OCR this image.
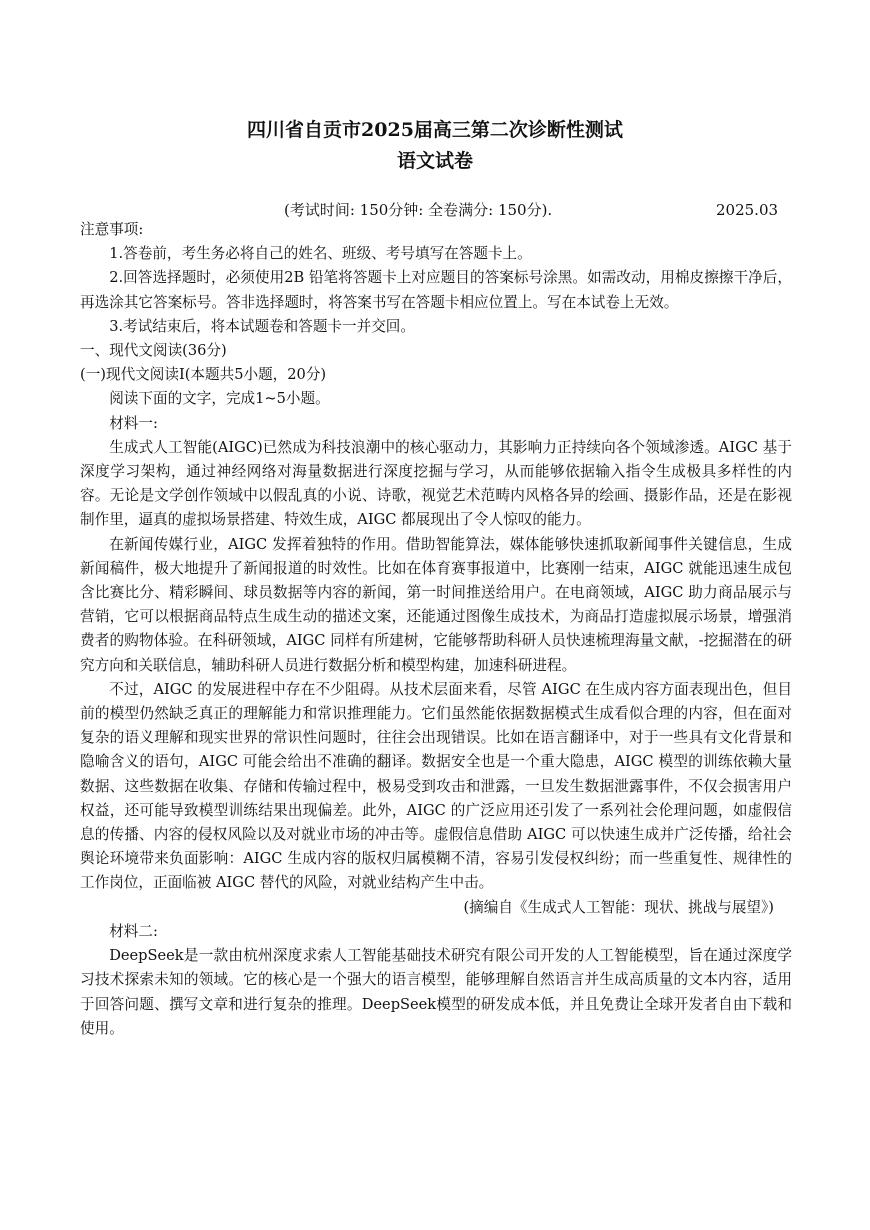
四川省自贡市2025届高三第二次诊断性测试
语文试卷
(考试时间: 150分钟: 全卷满分: 150分).	2025.03

注意事项:

1.答卷前，考生务必将自己的姓名、班级、考号填写在答题卡上。

2.回答选择题时，必须使用2B 铅笔将答题卡上对应题目的答案标号涂黑。如需改动，用棉皮擦擦干净后，再选涂其它答案标号。答非选择题时，将答案书写在答题卡相应位置上。写在本试卷上无效。

3.考试结束后，将本试题卷和答题卡一并交回。

一、现代文阅读(36分)

(一)现代文阅读Ⅰ(本题共5小题，20分)

阅读下面的文字，完成1~5小题。

材料一:

生成式人工智能(AIGC)已然成为科技浪潮中的核心驱动力，其影响力正持续向各个领域渗透。AIGC 基于深度学习架构，通过神经网络对海量数据进行深度挖掘与学习，从而能够依据输入指令生成极具多样性的内容。无论是文学创作领域中以假乱真的小说、诗歌，视觉艺术范畴内风格各异的绘画、摄影作品，还是在影视制作里，逼真的虚拟场景搭建、特效生成，AIGC 都展现出了令人惊叹的能力。

在新闻传媒行业，AIGC 发挥着独特的作用。借助智能算法，媒体能够快速抓取新闻事件关键信息，生成新闻稿件，极大地提升了新闻报道的时效性。比如在体育赛事报道中，比赛刚一结束，AIGC 就能迅速生成包含比赛比分、精彩瞬间、球员数据等内容的新闻，第一时间推送给用户。在电商领域，AIGC 助力商品展示与营销，它可以根据商品特点生成生动的描述文案，还能通过图像生成技术，为商品打造虚拟展示场景，增强消费者的购物体验。在科研领域，AIGC 同样有所建树，它能够帮助科研人员快速梳理海量文献，-挖掘潜在的研究方向和关联信息，辅助科研人员进行数据分析和模型构建，加速科研进程。

不过，AIGC 的发展进程中存在不少阻碍。从技术层面来看，尽管 AIGC 在生成内容方面表现出色，但目前的模型仍然缺乏真正的理解能力和常识推理能力。它们虽然能依据数据模式生成看似合理的内容，但在面对复杂的语义理解和现实世界的常识性问题时，往往会出现错误。比如在语言翻译中，对于一些具有文化背景和隐喻含义的语句，AIGC 可能会给出不准确的翻译。数据安全也是一个重大隐患，AIGC 模型的训练依赖大量数据、这些数据在收集、存储和传输过程中，极易受到攻击和泄露，一旦发生数据泄露事件，不仅会损害用户权益，还可能导致模型训练结果出现偏差。此外，AIGC 的广泛应用还引发了一系列社会伦理问题，如虚假信息的传播、内容的侵权风险以及对就业市场的冲击等。虚假信息借助 AIGC 可以快速生成并广泛传播，给社会舆论环境带来负面影响：AIGC 生成内容的版权归属模糊不清，容易引发侵权纠纷；而一些重复性、规律性的工作岗位，正面临被 AIGC 替代的风险，对就业结构产生中击。

(摘编自《生成式人工智能：现状、挑战与展望》)

材料二:

DeepSeek是一款由杭州深度求索人工智能基础技术研究有限公司开发的人工智能模型，旨在通过深度学习技术探索未知的领域。它的核心是一个强大的语言模型，能够理解自然语言并生成高质量的文本内容，适用于回答问题、撰写文章和进行复杂的推理。DeepSeek模型的研发成本低，并且免费让全球开发者自由下载和使用。
